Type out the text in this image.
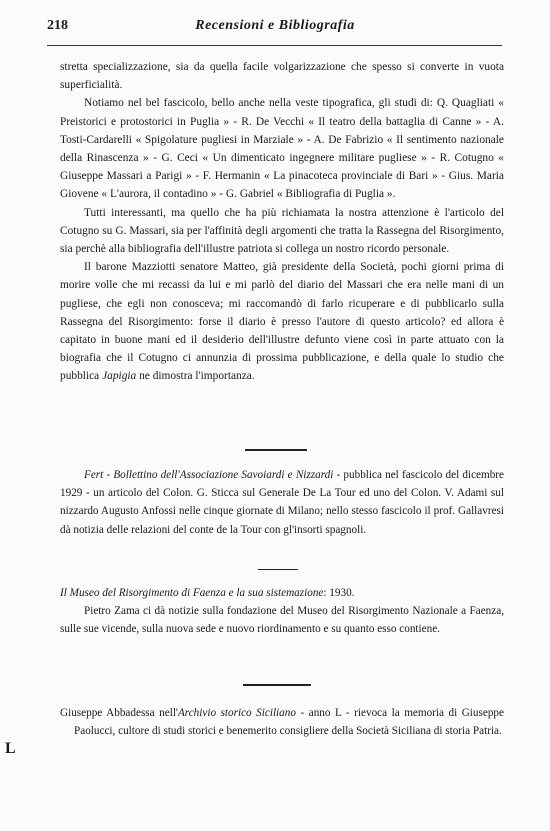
218	Recensioni e Bibliografia

stretta specializzazione, sia da quella facile volgarizzazione che spesso si converte in vuota superficialità.

Notiamo nel bel fascicolo, bello anche nella veste tipografica, gli studi di: Q. Quagliati « Preistorici e protostorici in Puglia » - R. De Vecchi « Il teatro della battaglia di Canne » - A. Tosti-Cardarelli « Spigolature pugliesi in Marziale » - A. De Fabrizio « Il sentimento nazionale della Rinascenza » - G. Ceci « Un dimenticato ingegnere militare pugliese » - R. Cotugno « Giuseppe Massari a Parigi » - F. Hermanin « La pinacoteca provinciale di Bari » - Gius. Maria Giovene « L'aurora, il contadino » - G. Gabriel « Bibliografia di Puglia ».

Tutti interessanti, ma quello che ha più richiamata la nostra attenzione è l'articolo del Cotugno su G. Massari, sia per l'affinità degli argomenti che tratta la Rassegna del Risorgimento, sia perchè alla bibliografia dell'illustre patriota si collega un nostro ricordo personale.

Il barone Mazziotti senatore Matteo, già presidente della Società, pochi giorni prima di morire volle che mi recassi da lui e mi parlò del diario del Massari che era nelle mani di un pugliese, che egli non conosceva; mi raccomandò di farlo ricuperare e di pubblicarlo sulla Rassegna del Risorgimento: forse il diario è presso l'autore di questo articolo? ed allora è capitato in buone mani ed il desiderio dell'illustre defunto viene così in parte attuato con la biografia che il Cotugno ci annunzia di prossima pubblicazione, e della quale lo studio che pubblica Japigia ne dimostra l'importanza.

Fert - Bollettino dell'Associazione Savoiardi e Nizzardi - pubblica nel fascicolo del dicembre 1929 - un articolo del Colon. G. Sticca sul Generale De La Tour ed uno del Colon. V. Adami sul nizzardo Augusto Anfossi nelle cinque giornate di Milano; nello stesso fascicolo il prof. Gallavresi dà notizia delle relazioni del conte de la Tour con gl'insorti spagnoli.

Il Museo del Risorgimento di Faenza e la sua sistemazione: 1930.

Pietro Zama ci dà notizie sulla fondazione del Museo del Risorgimento Nazionale a Faenza, sulle sue vicende, sulla nuova sede e nuovo riordinamento e su quanto esso contiene.

Giuseppe Abbadessa nell'Archivio storico Siciliano - anno L - rievoca la memoria di Giuseppe Paolucci, cultore di studi storici e benemerito consigliere della Società Siciliana di storia Patria.

L
